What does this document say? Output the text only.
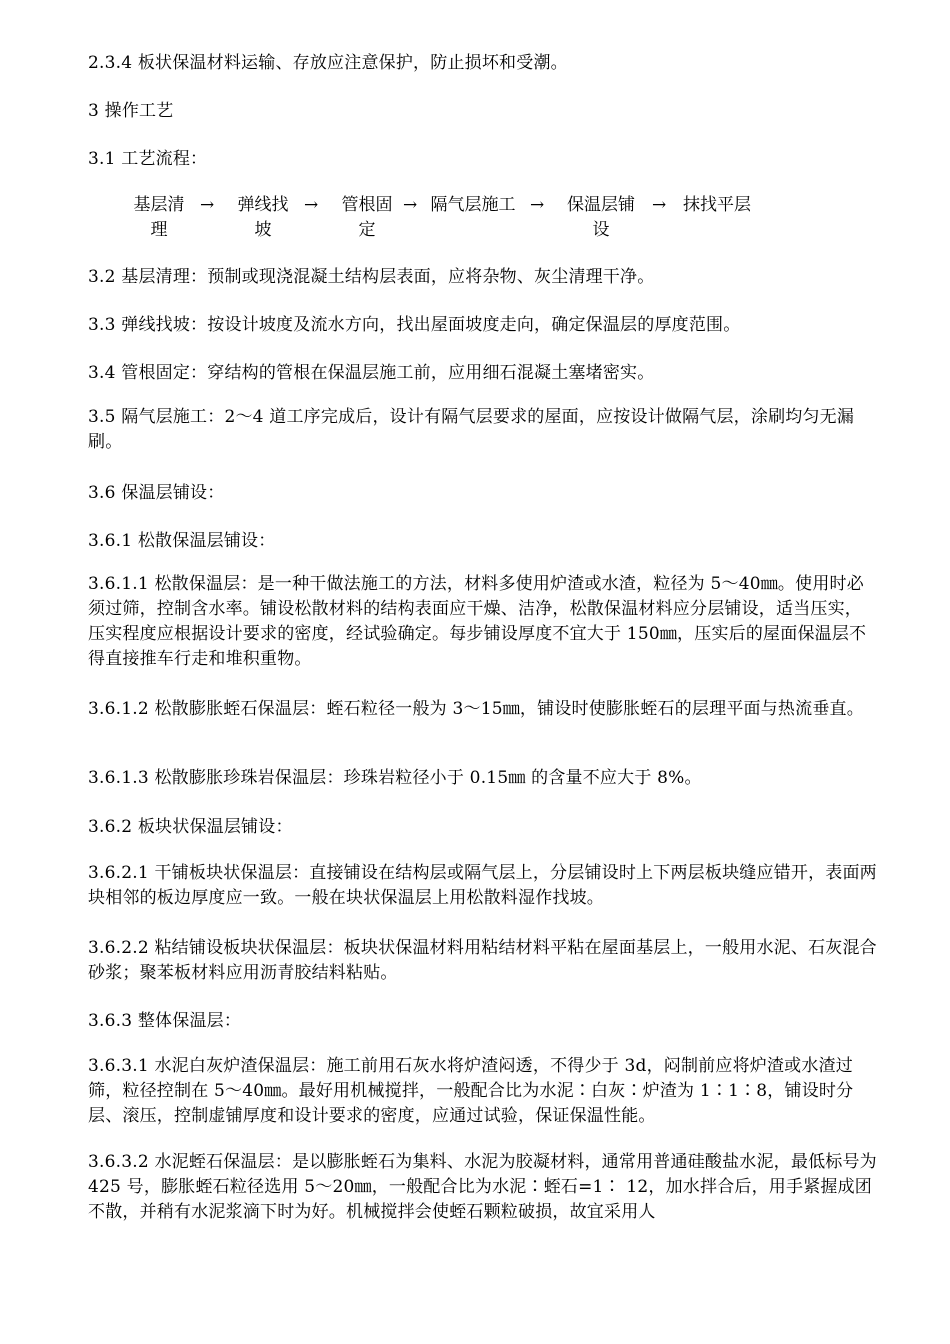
2.3.4 板状保温材料运输、存放应注意保护，防止损坏和受潮。

3 操作工艺

3.1 工艺流程：

基层清
理
→	弹线找
坡
→	管根固
定
→ 隔气层施工 →	保温层铺
设
→ 抹找平层

3.2 基层清理：预制或现浇混凝土结构层表面，应将杂物、灰尘清理干净。

3.3 弹线找坡：按设计坡度及流水方向，找出屋面坡度走向，确定保温层的厚度范围。

3.4 管根固定：穿结构的管根在保温层施工前，应用细石混凝土塞堵密实。

3.5 隔气层施工：2～4 道工序完成后，设计有隔气层要求的屋面，应按设计做隔气层，涂刷均匀无漏刷。

3.6 保温层铺设：

3.6.1 松散保温层铺设：

3.6.1.1 松散保温层：是一种干做法施工的方法，材料多使用炉渣或水渣，粒径为 5～40㎜。使用时必须过筛，控制含水率。铺设松散材料的结构表面应干燥、洁净，松散保温材料应分层铺设，适当压实，压实程度应根据设计要求的密度，经试验确定。每步铺设厚度不宜大于 150㎜，压实后的屋面保温层不得直接推车行走和堆积重物。

3.6.1.2 松散膨胀蛭石保温层：蛭石粒径一般为 3～15㎜，铺设时使膨胀蛭石的层理平面与热流垂直。

3.6.1.3 松散膨胀珍珠岩保温层：珍珠岩粒径小于 0.15㎜ 的含量不应大于 8%。

3.6.2 板块状保温层铺设：

3.6.2.1 干铺板块状保温层：直接铺设在结构层或隔气层上，分层铺设时上下两层板块缝应错开，表面两块相邻的板边厚度应一致。一般在块状保温层上用松散料湿作找坡。

3.6.2.2 粘结铺设板块状保温层：板块状保温材料用粘结材料平粘在屋面基层上，一般用水泥、石灰混合砂浆；聚苯板材料应用沥青胶结料粘贴。

3.6.3 整体保温层：

3.6.3.1 水泥白灰炉渣保温层：施工前用石灰水将炉渣闷透，不得少于 3d，闷制前应将炉渣或水渣过筛，粒径控制在 5～40㎜。最好用机械搅拌，一般配合比为水泥∶白灰∶炉渣为 1∶1∶8，铺设时分层、滚压，控制虚铺厚度和设计要求的密度，应通过试验，保证保温性能。

3.6.3.2 水泥蛭石保温层：是以膨胀蛭石为集料、水泥为胶凝材料，通常用普通硅酸盐水泥，最低标号为 425 号，膨胀蛭石粒径选用 5～20㎜，一般配合比为水泥∶蛭石=1∶ 12，加水拌合后，用手紧握成团不散，并稍有水泥浆滴下时为好。机械搅拌会使蛭石颗粒破损，故宜采用人
